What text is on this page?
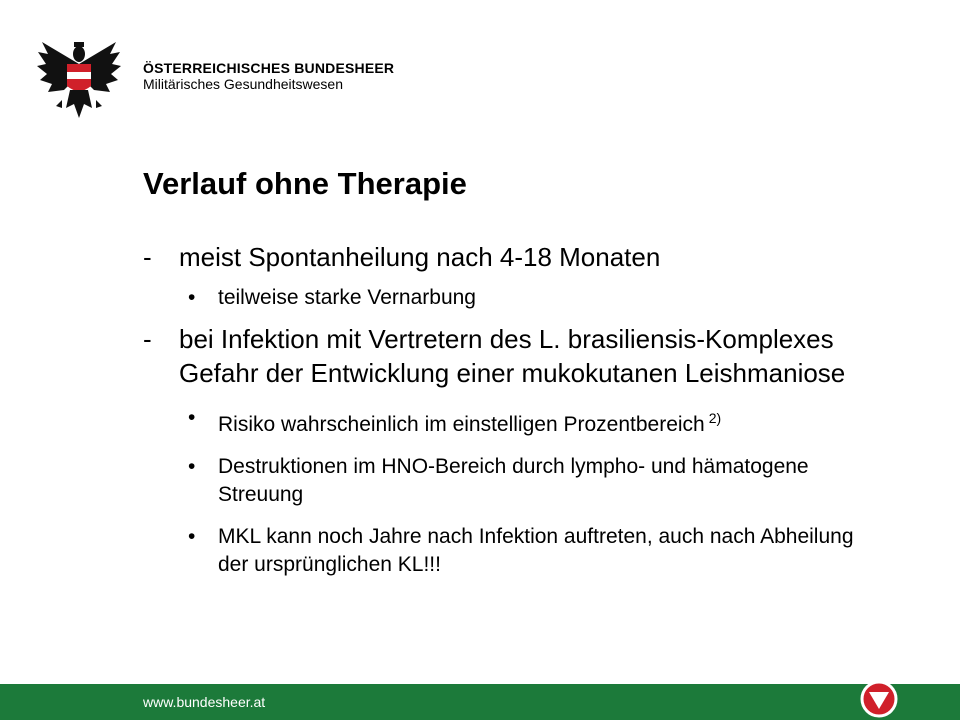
ÖSTERREICHISCHES BUNDESHEER
Militärisches Gesundheitswesen
Verlauf ohne Therapie
- meist Spontanheilung nach 4-18 Monaten
• teilweise starke Vernarbung
- bei Infektion mit Vertretern des L. brasiliensis-Komplexes Gefahr der Entwicklung einer mukokutanen Leishmaniose
• Risiko wahrscheinlich im einstelligen Prozentbereich $^{2)}$
• Destruktionen im HNO-Bereich durch lympho- und hämatogene Streuung
• MKL kann noch Jahre nach Infektion auftreten, auch nach Abheilung der ursprünglichen KL!!!
www.bundesheer.at
